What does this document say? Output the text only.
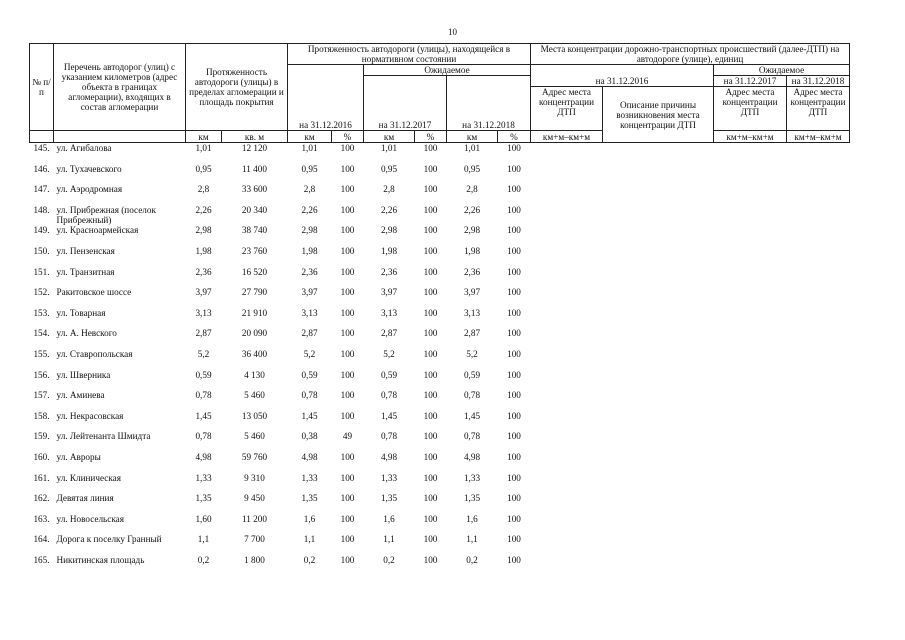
10
№ п/п	Перечень автодорог (улиц) с указанием километров (адрес объекта в границах агломерации), входящих в состав агломерации	Протяженность автодороги (улицы) в пределах агломерации и площадь покрытия		Протяженность автодороги (улицы), находящейся в нормативном состоянии						Места концентрации дорожно-транспортных происшествий (далее-ДТП) на автодороге (улице), единиц			
				на 31.12.2016		Ожидаемое				на 31.12.2016		Ожидаемое	
						на 31.12.2017		на 31.12.2018				на 31.12.2017	на 31.12.2018
										Адрес места концентрации ДТП	Описание причины возникновения места концентрации ДТП	Адрес места концентрации ДТП	Адрес места концентрации ДТП
		км	кв. м	км	%	км	%	км	%	км+м–км+м		км+м–км+м	км+м–км+м
145.	ул. Агибалова	1,01	12 120	1,01	100	1,01	100	1,01	100				
146.	ул. Тухачевского	0,95	11 400	0,95	100	0,95	100	0,95	100				
147.	ул. Аэродромная	2,8	33 600	2,8	100	2,8	100	2,8	100				
148.	ул. Прибрежная (поселок Прибрежный)	2,26	20 340	2,26	100	2,26	100	2,26	100				
149.	ул. Красноармейская	2,98	38 740	2,98	100	2,98	100	2,98	100				
150.	ул. Пензенская	1,98	23 760	1,98	100	1,98	100	1,98	100				
151.	ул. Транзитная	2,36	16 520	2,36	100	2,36	100	2,36	100				
152.	Ракитовское шоссе	3,97	27 790	3,97	100	3,97	100	3,97	100				
153.	ул. Товарная	3,13	21 910	3,13	100	3,13	100	3,13	100				
154.	ул. А. Невского	2,87	20 090	2,87	100	2,87	100	2,87	100				
155.	ул. Ставропольская	5,2	36 400	5,2	100	5,2	100	5,2	100				
156.	ул. Шверника	0,59	4 130	0,59	100	0,59	100	0,59	100				
157.	ул. Аминева	0,78	5 460	0,78	100	0,78	100	0,78	100				
158.	ул. Некрасовская	1,45	13 050	1,45	100	1,45	100	1,45	100				
159.	ул. Лейтенанта Шмидта	0,78	5 460	0,38	49	0,78	100	0,78	100				
160.	ул. Авроры	4,98	59 760	4,98	100	4,98	100	4,98	100				
161.	ул. Клиническая	1,33	9 310	1,33	100	1,33	100	1,33	100				
162.	Девятая линия	1,35	9 450	1,35	100	1,35	100	1,35	100				
163.	ул. Новосельская	1,60	11 200	1,6	100	1,6	100	1,6	100				
164.	Дорога к поселку Гранный	1,1	7 700	1,1	100	1,1	100	1,1	100				
165.	Никитинская площадь	0,2	1 800	0,2	100	0,2	100	0,2	100				
